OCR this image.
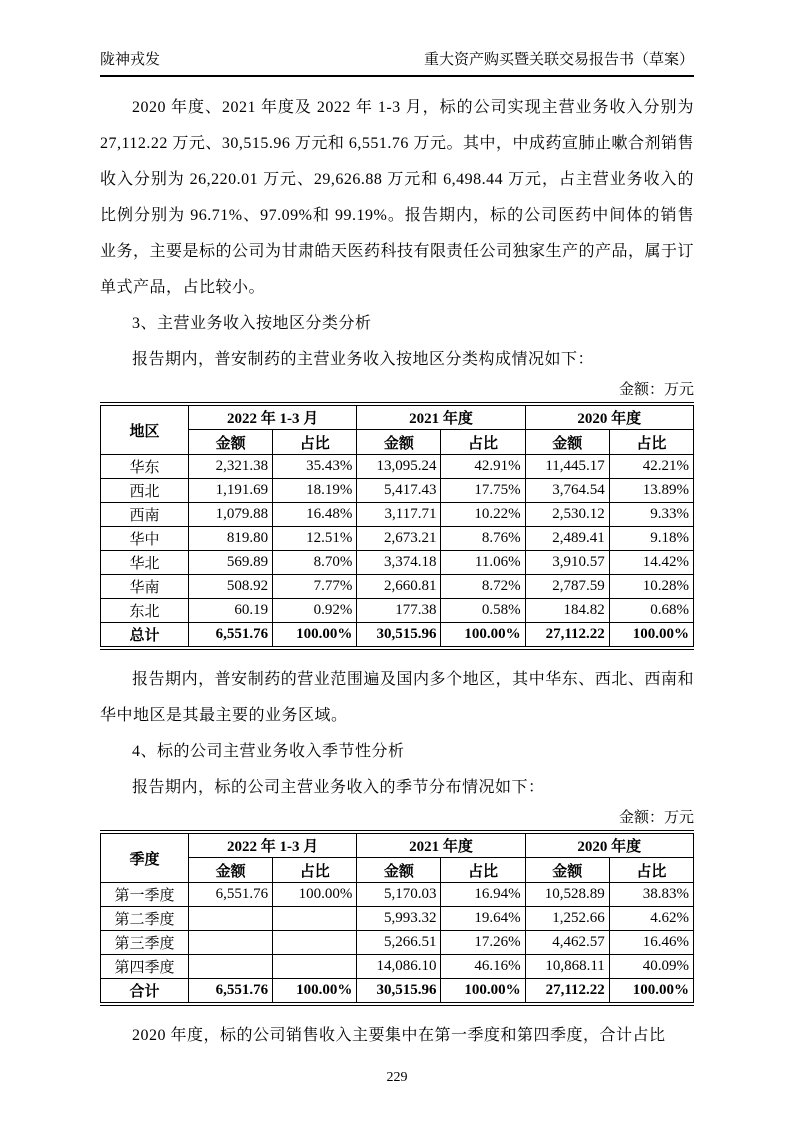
陇神戎发	重大资产购买暨关联交易报告书（草案）

2020 年度、2021 年度及 2022 年 1-3 月，标的公司实现主营业务收入分别为 27,112.22 万元、30,515.96 万元和 6,551.76 万元。其中，中成药宣肺止嗽合剂销售收入分别为 26,220.01 万元、29,626.88 万元和 6,498.44 万元，占主营业务收入的比例分别为 96.71%、97.09%和 99.19%。报告期内，标的公司医药中间体的销售业务，主要是标的公司为甘肃皓天医药科技有限责任公司独家生产的产品，属于订单式产品，占比较小。

3、主营业务收入按地区分类分析

报告期内，普安制药的主营业务收入按地区分类构成情况如下：

金额：万元
地区	2022 年 1-3 月		2021 年度		2020 年度	
	金额	占比	金额	占比	金额	占比
华东	2,321.38	35.43%	13,095.24	42.91%	11,445.17	42.21%
西北	1,191.69	18.19%	5,417.43	17.75%	3,764.54	13.89%
西南	1,079.88	16.48%	3,117.71	10.22%	2,530.12	9.33%
华中	819.80	12.51%	2,673.21	8.76%	2,489.41	9.18%
华北	569.89	8.70%	3,374.18	11.06%	3,910.57	14.42%
华南	508.92	7.77%	2,660.81	8.72%	2,787.59	10.28%
东北	60.19	0.92%	177.38	0.58%	184.82	0.68%
总计	6,551.76	100.00%	30,515.96	100.00%	27,112.22	100.00%

报告期内，普安制药的营业范围遍及国内多个地区，其中华东、西北、西南和华中地区是其最主要的业务区域。

4、标的公司主营业务收入季节性分析

报告期内，标的公司主营业务收入的季节分布情况如下：

金额：万元
季度	2022 年 1-3 月		2021 年度		2020 年度	
	金额	占比	金额	占比	金额	占比
第一季度	6,551.76	100.00%	5,170.03	16.94%	10,528.89	38.83%
第二季度			5,993.32	19.64%	1,252.66	4.62%
第三季度			5,266.51	17.26%	4,462.57	16.46%
第四季度			14,086.10	46.16%	10,868.11	40.09%
合计	6,551.76	100.00%	30,515.96	100.00%	27,112.22	100.00%

2020 年度，标的公司销售收入主要集中在第一季度和第四季度，合计占比

229
